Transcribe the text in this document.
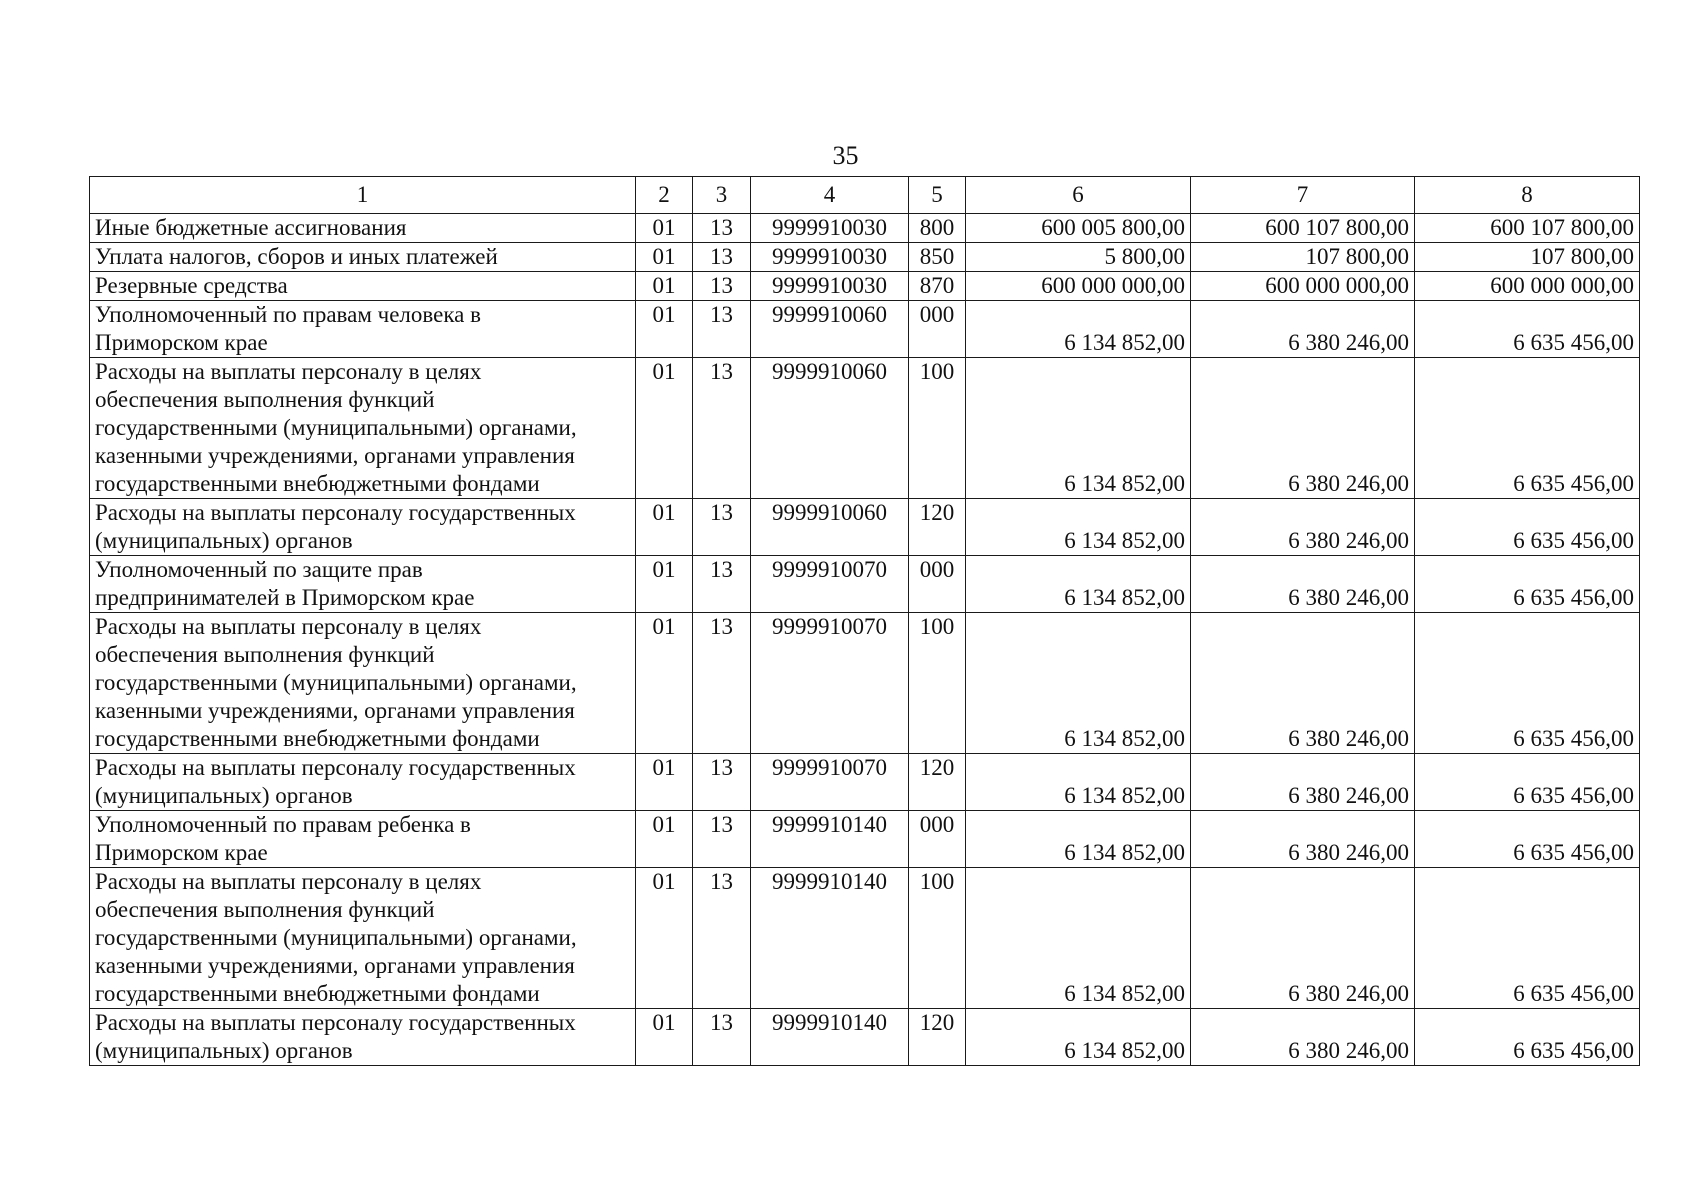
35
1	2	3	4	5	6	7	8

Иные бюджетные ассигнования	01	13	9999910030	800	600 005 800,00	600 107 800,00	600 107 800,00

Уплата налогов, сборов и иных платежей	01	13	9999910030	850	5 800,00	107 800,00	107 800,00

Резервные средства	01	13	9999910030	870	600 000 000,00	600 000 000,00	600 000 000,00

Уполномоченный по правам человека в
Приморском крае	01	13	9999910060	000	6 134 852,00	6 380 246,00	6 635 456,00

Расходы на выплаты персоналу в целях
обеспечения выполнения функций
государственными (муниципальными) органами,
казенными учреждениями, органами управления
государственными внебюджетными фондами	01	13	9999910060	100	6 134 852,00	6 380 246,00	6 635 456,00

Расходы на выплаты персоналу государственных
(муниципальных) органов	01	13	9999910060	120	6 134 852,00	6 380 246,00	6 635 456,00

Уполномоченный по защите прав
предпринимателей в Приморском крае	01	13	9999910070	000	6 134 852,00	6 380 246,00	6 635 456,00

Расходы на выплаты персоналу в целях
обеспечения выполнения функций
государственными (муниципальными) органами,
казенными учреждениями, органами управления
государственными внебюджетными фондами	01	13	9999910070	100	6 134 852,00	6 380 246,00	6 635 456,00

Расходы на выплаты персоналу государственных
(муниципальных) органов	01	13	9999910070	120	6 134 852,00	6 380 246,00	6 635 456,00

Уполномоченный по правам ребенка в
Приморском крае	01	13	9999910140	000	6 134 852,00	6 380 246,00	6 635 456,00

Расходы на выплаты персоналу в целях
обеспечения выполнения функций
государственными (муниципальными) органами,
казенными учреждениями, органами управления
государственными внебюджетными фондами	01	13	9999910140	100	6 134 852,00	6 380 246,00	6 635 456,00

Расходы на выплаты персоналу государственных
(муниципальных) органов	01	13	9999910140	120	6 134 852,00	6 380 246,00	6 635 456,00
